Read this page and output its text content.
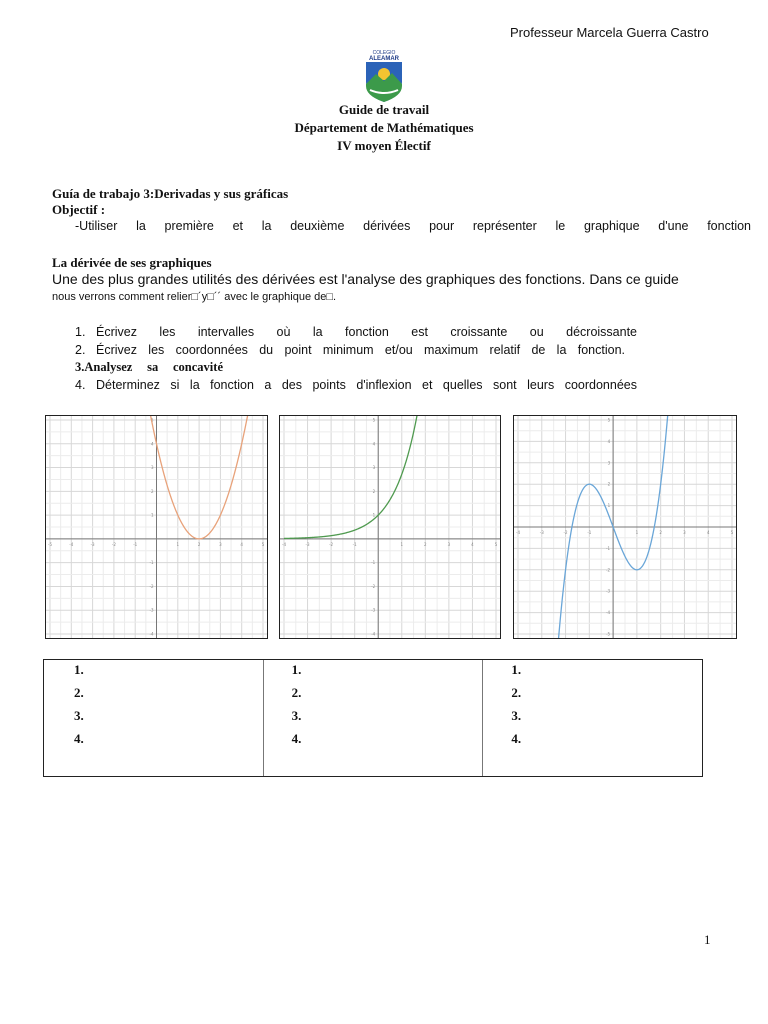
Professeur Marcela Guerra Castro
COLEGIO
ALEAMAR
Guide de travail
Département de Mathématiques
IV moyen Électif
Guía de trabajo 3:Derivadas y sus gráficas
Objectif :
-Utiliser la première et la deuxième dérivées pour représenter le graphique d'une fonction
La dérivée de ses graphiques
Une des plus grandes utilités des dérivées est l'analyse des graphiques des fonctions. Dans ce guide
nous verrons comment relier□´y□´´ avec le graphique de□.
1. Écrivez les intervalles où la fonction est croissante ou décroissante
2. Écrivez les coordonnées du point minimum et/ou maximum relatif de la fonction.
3.Analysez sa concavité
4. Déterminez si la fonction a des points d'inflexion et quelles sont leurs coordonnées
-5	-4	-3	-2	-1	1	2	3	4	5
-4
-3
-2
-1
1
2
3
4
5
-4	-3	-2	-1	1	2	3	4	5
-4
-3
-2
-1
1
2
3
4
5
-4	-3	-2	-1	1	2	3	4	5
-5
-4
-3
-2
-1
1
2
3
4
5
1.
2.
3.
4.
1.
2.
3.
4.
1.
2.
3.
4.
1
